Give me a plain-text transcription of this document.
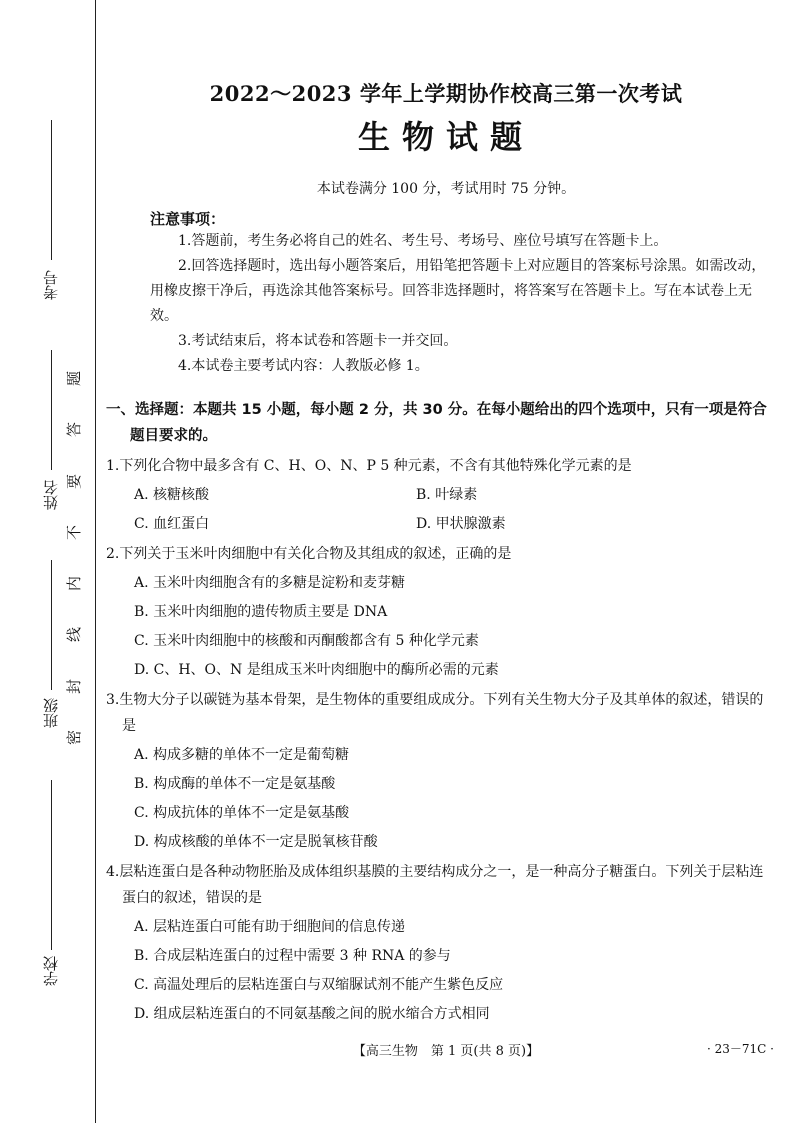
考号
姓名
班级
学校
密
封
线
内
不
要
答
题
2022～2023 学年上学期协作校高三第一次考试
生物试题
本试卷满分 100 分，考试用时 75 分钟。
注意事项：
1.答题前，考生务必将自己的姓名、考生号、考场号、座位号填写在答题卡上。
2.回答选择题时，选出每小题答案后，用铅笔把答题卡上对应题目的答案标号涂黑。如需改动，用橡皮擦干净后，再选涂其他答案标号。回答非选择题时，将答案写在答题卡上。写在本试卷上无效。
3.考试结束后，将本试卷和答题卡一并交回。
4.本试卷主要考试内容：人教版必修 1。
一、选择题：本题共 15 小题，每小题 2 分，共 30 分。在每小题给出的四个选项中，只有一项是符合题目要求的。
1.下列化合物中最多含有 C、H、O、N、P 5 种元素，不含有其他特殊化学元素的是
A. 核糖核酸	B. 叶绿素
C. 血红蛋白	D. 甲状腺激素
2.下列关于玉米叶肉细胞中有关化合物及其组成的叙述，正确的是
A. 玉米叶肉细胞含有的多糖是淀粉和麦芽糖
B. 玉米叶肉细胞的遗传物质主要是 DNA
C. 玉米叶肉细胞中的核酸和丙酮酸都含有 5 种化学元素
D. C、H、O、N 是组成玉米叶肉细胞中的酶所必需的元素
3.生物大分子以碳链为基本骨架，是生物体的重要组成成分。下列有关生物大分子及其单体的叙述，错误的是
A. 构成多糖的单体不一定是葡萄糖
B. 构成酶的单体不一定是氨基酸
C. 构成抗体的单体不一定是氨基酸
D. 构成核酸的单体不一定是脱氧核苷酸
4.层粘连蛋白是各种动物胚胎及成体组织基膜的主要结构成分之一，是一种高分子糖蛋白。下列关于层粘连蛋白的叙述，错误的是
A. 层粘连蛋白可能有助于细胞间的信息传递
B. 合成层粘连蛋白的过程中需要 3 种 RNA 的参与
C. 高温处理后的层粘连蛋白与双缩脲试剂不能产生紫色反应
D. 组成层粘连蛋白的不同氨基酸之间的脱水缩合方式相同
【高三生物　第 1 页(共 8 页)】	· 23－71C ·
